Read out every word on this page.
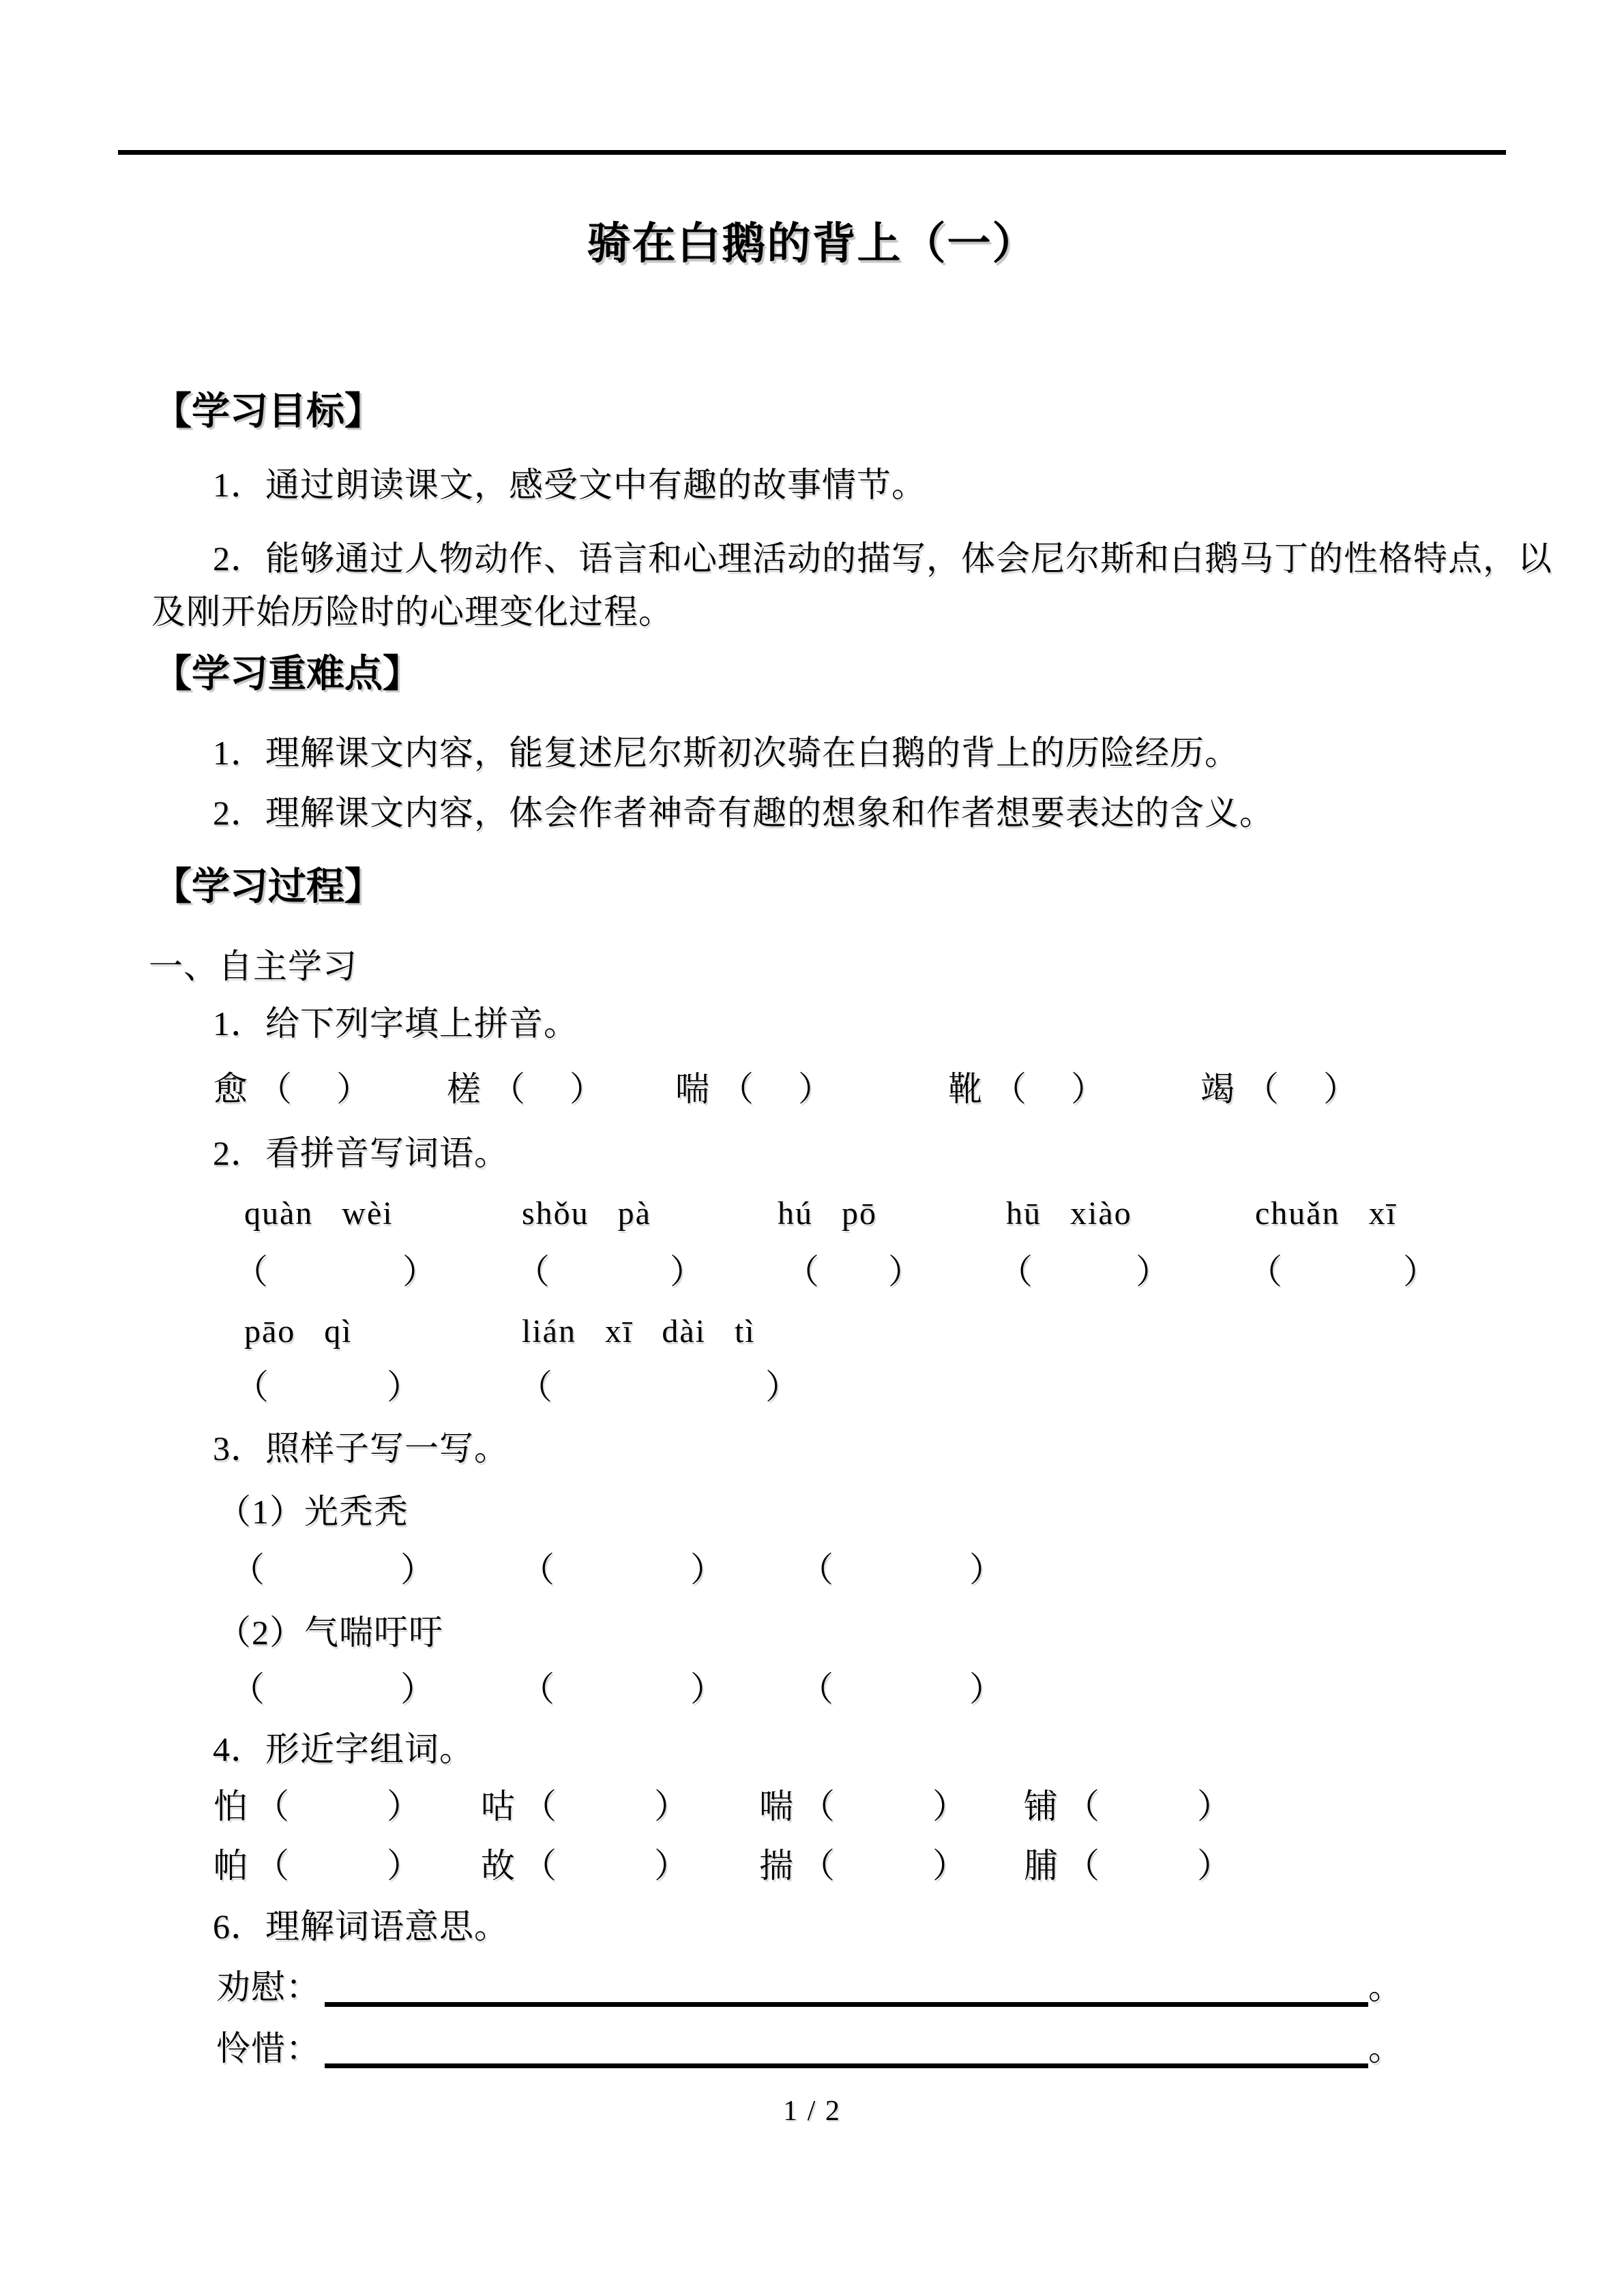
骑在白鹅的背上（一）
【学习目标】
1．通过朗读课文，感受文中有趣的故事情节。
2．能够通过人物动作、语言和心理活动的描写，体会尼尔斯和白鹅马丁的性格特点，以
及刚开始历险时的心理变化过程。
【学习重难点】
1．理解课文内容，能复述尼尔斯初次骑在白鹅的背上的历险经历。
2．理解课文内容，体会作者神奇有趣的想象和作者想要表达的含义。
【学习过程】
一、自主学习
1．给下列字填上拼音。
愈 （ ） 槎 （ ） 喘 （ ）	靴 （ ）	竭 （ ）
2．看拼音写词语。
quàn wèi	shǒu pà	hú pō	hū xiào	chuǎn xī
（	） （	） （ ） （	） （	）
pāo qì	lián xī dài tì
（	）	（	）
3．照样子写一写。
（1）光秃秃
（	）	（	） （	）
（2）气喘吁吁
（	）	（	） （	）
4．形近字组词。
怕 （	） 咕 （	） 喘 （	） 铺 （	）
帕 （	） 故 （	） 揣 （	） 脯 （	）
6．理解词语意思。
劝慰：	。
怜惜：	。
1 / 2
